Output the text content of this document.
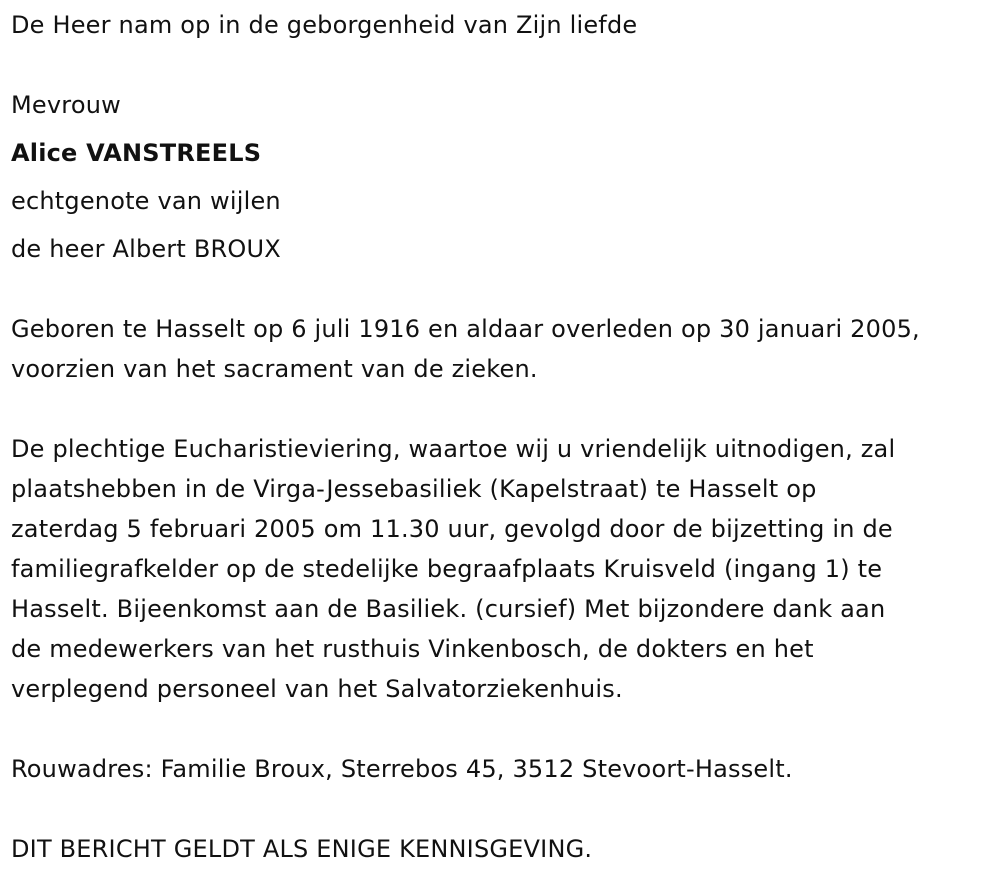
De Heer nam op in de geborgenheid van Zijn liefde
Mevrouw
Alice VANSTREELS
echtgenote van wijlen
de heer Albert BROUX
Geboren te Hasselt op 6 juli 1916 en aldaar overleden op 30 januari 2005,
voorzien van het sacrament van de zieken.
De plechtige Eucharistieviering, waartoe wij u vriendelijk uitnodigen, zal
plaatshebben in de Virga-Jessebasiliek (Kapelstraat) te Hasselt op
zaterdag 5 februari 2005 om 11.30 uur, gevolgd door de bijzetting in de
familiegrafkelder op de stedelijke begraafplaats Kruisveld (ingang 1) te
Hasselt. Bijeenkomst aan de Basiliek. (cursief) Met bijzondere dank aan
de medewerkers van het rusthuis Vinkenbosch, de dokters en het
verplegend personeel van het Salvatorziekenhuis.
Rouwadres: Familie Broux, Sterrebos 45, 3512 Stevoort-Hasselt.
DIT BERICHT GELDT ALS ENIGE KENNISGEVING.
